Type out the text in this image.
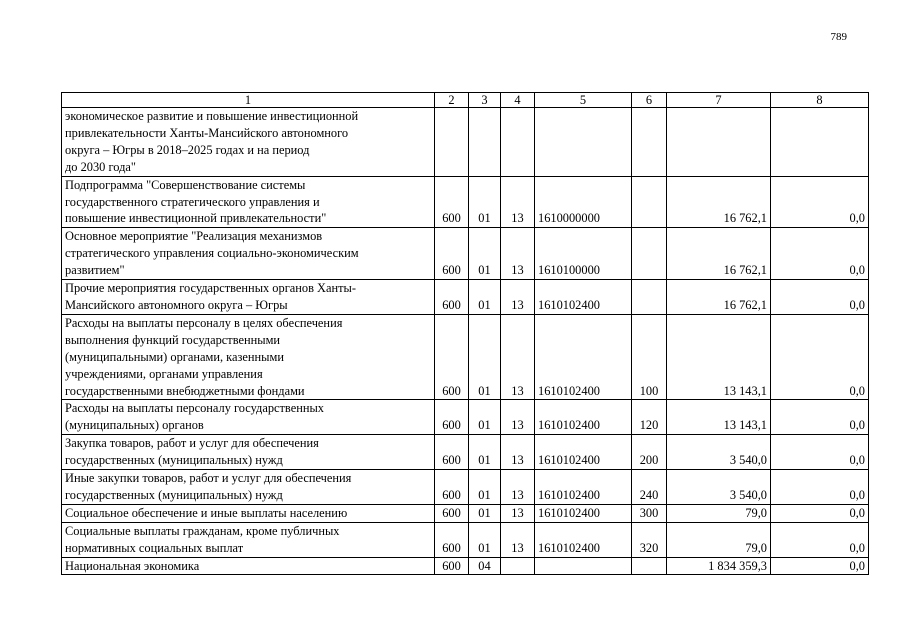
789
1	2	3	4	5	6	7	8

экономическое развитие и повышение инвестиционной
привлекательности Ханты-Мансийского автономного
округа – Югры в 2018–2025 годах и на период
до 2030 года"							

Подпрограмма "Совершенствование системы
государственного стратегического управления и
повышение инвестиционной привлекательности"	600	01	13	1610000000		16 762,1	0,0

Основное мероприятие "Реализация механизмов
стратегического управления социально-экономическим
развитием"	600	01	13	1610100000		16 762,1	0,0

Прочие мероприятия государственных органов Ханты-
Мансийского автономного округа – Югры	600	01	13	1610102400		16 762,1	0,0

Расходы на выплаты персоналу в целях обеспечения
выполнения функций государственными
(муниципальными) органами, казенными
учреждениями, органами управления
государственными внебюджетными фондами	600	01	13	1610102400	100	13 143,1	0,0

Расходы на выплаты персоналу государственных
(муниципальных) органов	600	01	13	1610102400	120	13 143,1	0,0

Закупка товаров, работ и услуг для обеспечения
государственных (муниципальных) нужд	600	01	13	1610102400	200	3 540,0	0,0

Иные закупки товаров, работ и услуг для обеспечения
государственных (муниципальных) нужд	600	01	13	1610102400	240	3 540,0	0,0

Социальное обеспечение и иные выплаты населению	600	01	13	1610102400	300	79,0	0,0

Социальные выплаты гражданам, кроме публичных
нормативных социальных выплат	600	01	13	1610102400	320	79,0	0,0

Национальная экономика	600	04				1 834 359,3	0,0
